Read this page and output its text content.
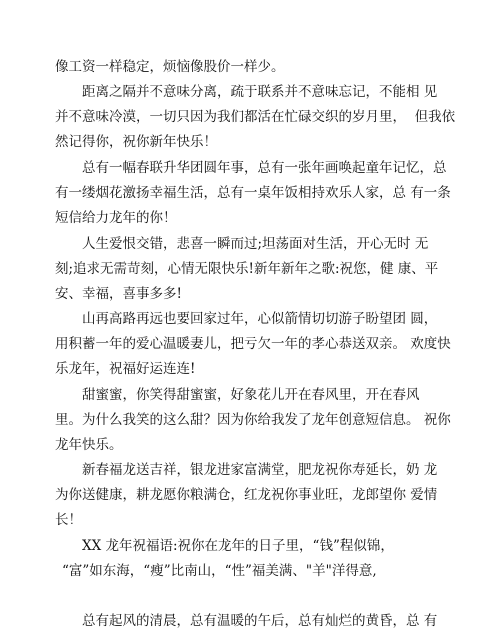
像工资一样稳定，烦恼像股价一样少。
距离之隔并不意味分离，疏于联系并不意味忘记，不能相 见
并不意味冷漠，一切只因为我们都活在忙碌交织的岁月里，  但我依
然记得你，祝你新年快乐！
总有一幅春联升华团圆年事，总有一张年画唤起童年记忆，总
有一缕烟花激扬幸福生活，总有一桌年饭相持欢乐人家，总 有一条
短信给力龙年的你！
人生爱恨交错，悲喜一瞬而过;坦荡面对生活，开心无时 无
刻;追求无需苛刻，心情无限快乐!新年新年之歌:祝您，健 康、平
安、幸福，喜事多多!
山再高路再远也要回家过年，心似箭情切切游子盼望团 圆，
用积蓄一年的爱心温暖妻儿，把亏欠一年的孝心恭送双亲。 欢度快
乐龙年，祝福好运连连!
甜蜜蜜，你笑得甜蜜蜜，好象花儿开在春风里，开在春风
里。为什么我笑的这么甜？因为你给我发了龙年创意短信息。 祝你
龙年快乐。
新春福龙送吉祥，银龙进家富满堂，肥龙祝你寿延长，奶 龙
为你送健康，耕龙愿你粮满仓，红龙祝你事业旺，龙郎望你 爱情
长！
XX 龙年祝福语:祝你在龙年的日子里，“钱”程似锦，
“富”如东海，“瘦”比南山，“性”福美满、"羊"洋得意,
总有起风的清晨，总有温暖的午后，总有灿烂的黄昏，总 有
